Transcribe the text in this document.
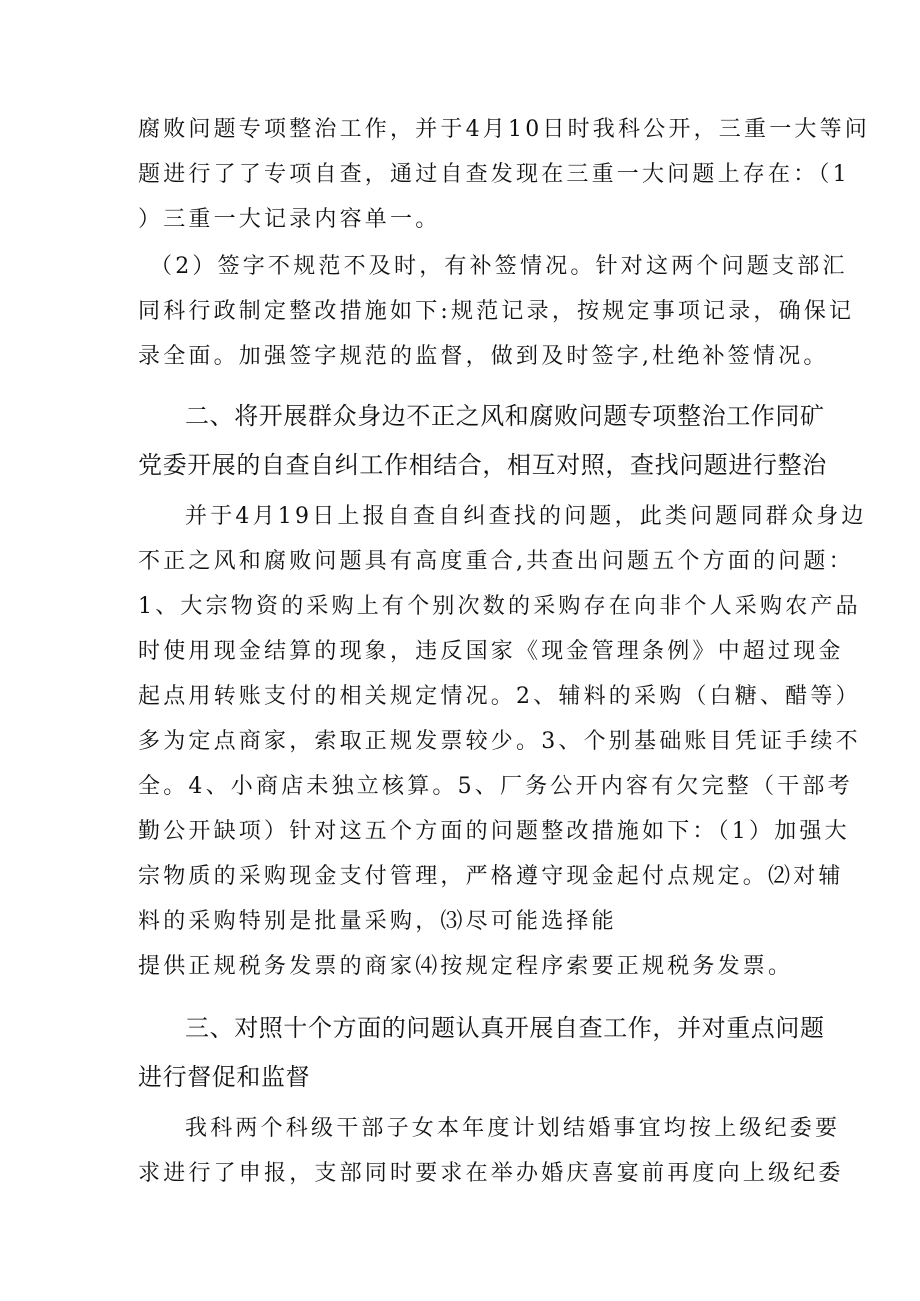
腐败问题专项整治工作，并于4月10日时我科公开，三重一大等问
题进行了了专项自查，通过自查发现在三重一大问题上存在：（1
）三重一大记录内容单一。
（2）签字不规范不及时，有补签情况。针对这两个问题支部汇
同科行政制定整改措施如下:规范记录，按规定事项记录，确保记
录全面。加强签字规范的监督，做到及时签字,杜绝补签情况。
二、将开展群众身边不正之风和腐败问题专项整治工作同矿
党委开展的自查自纠工作相结合，相互对照，查找问题进行整治
并于4月19日上报自查自纠查找的问题，此类问题同群众身边
不正之风和腐败问题具有高度重合,共查出问题五个方面的问题：
1、大宗物资的采购上有个别次数的采购存在向非个人采购农产品
时使用现金结算的现象，违反国家《现金管理条例》中超过现金
起点用转账支付的相关规定情况。2、辅料的采购（白糖、醋等）
多为定点商家，索取正规发票较少。3、个别基础账目凭证手续不
全。4、小商店未独立核算。5、厂务公开内容有欠完整（干部考
勤公开缺项）针对这五个方面的问题整改措施如下：（1）加强大
宗物质的采购现金支付管理，严格遵守现金起付点规定。⑵对辅
料的采购特别是批量采购，⑶尽可能选择能
提供正规税务发票的商家⑷按规定程序索要正规税务发票。
三、对照十个方面的问题认真开展自查工作，并对重点问题
进行督促和监督
我科两个科级干部子女本年度计划结婚事宜均按上级纪委要
求进行了申报，支部同时要求在举办婚庆喜宴前再度向上级纪委
